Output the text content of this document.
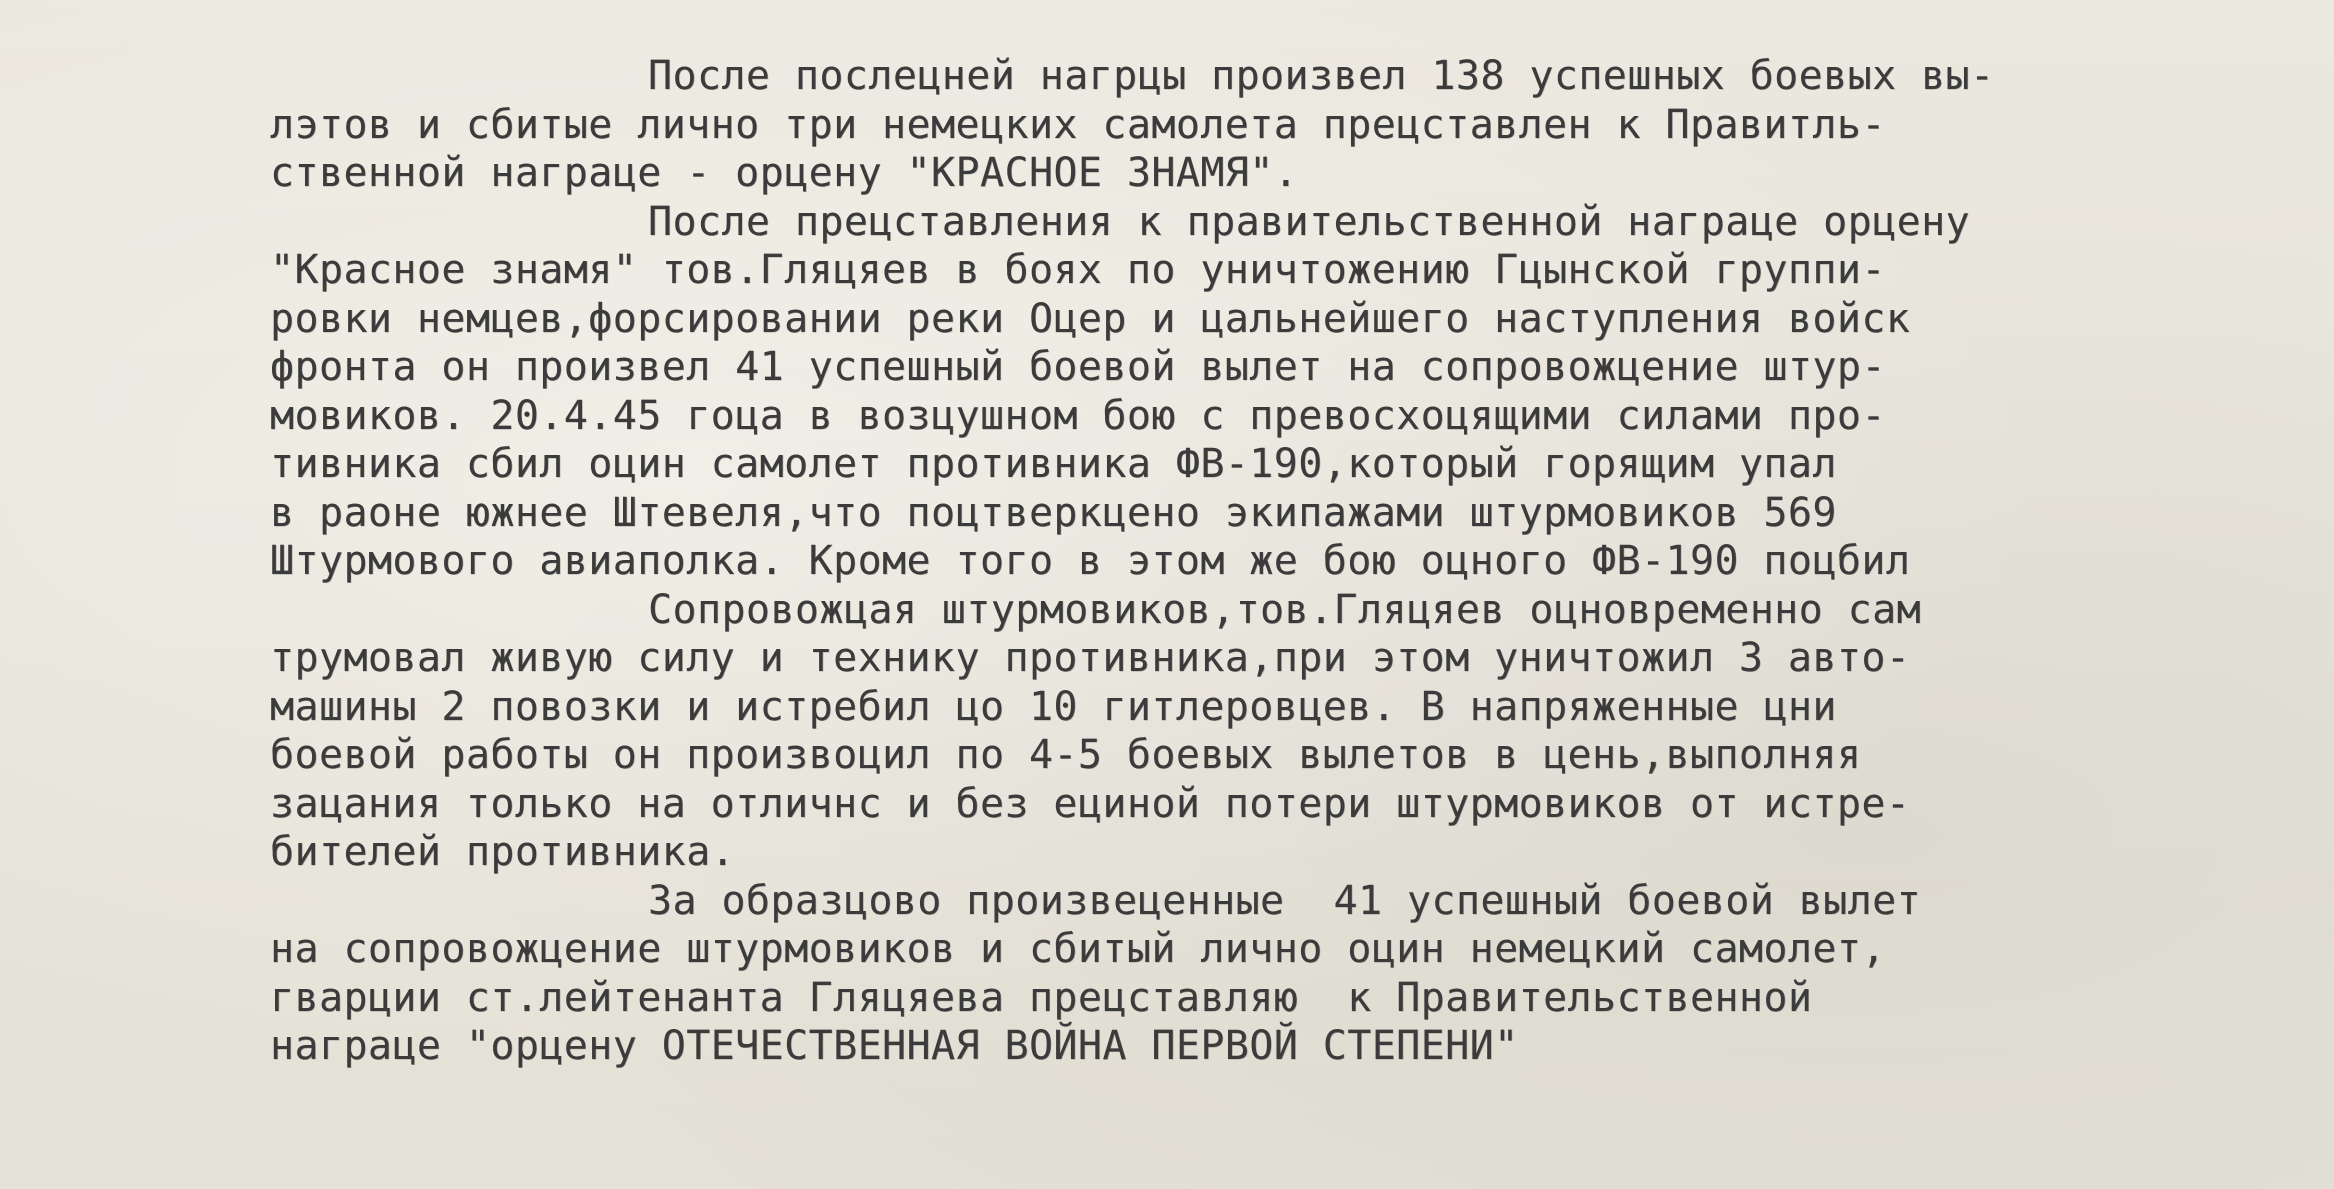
После послецней нагрцы произвел 138 успешных боевых вы-
лэтов и сбитые лично три немецких самолета прецставлен к Правитль-
ственной награце - орцену "КРАСНОЕ ЗНАМЯ".
После прецставления к правительственной награце орцену
"Красное знамя" тов.Гляцяев в боях по уничтожению Гцынской группи-
ровки немцев,форсировании реки Оцер и цальнейшего наступления войск
фронта он произвел 41 успешный боевой вылет на сопровожцение штур-
мовиков. 20.4.45 гоца в возцушном бою с превосхоцящими силами про-
тивника сбил оцин самолет противника ФВ-190,который горящим упал
в раоне южнее Штевеля,что поцтверкцено экипажами штурмовиков 569
Штурмового авиаполка. Кроме того в этом же бою оцного ФВ-190 поцбил
Сопровожцая штурмовиков,тов.Гляцяев оцновременно сам
трумовал живую силу и технику противника,при этом уничтожил 3 авто-
машины 2 повозки и истребил цо 10 гитлеровцев. В напряженные цни
боевой работы он произвоцил по 4-5 боевых вылетов в цень,выполняя
зацания только на отличнс и без ециной потери штурмовиков от истре-
бителей противника.
За образцово произвеценные  41 успешный боевой вылет
на сопровожцение штурмовиков и сбитый лично оцин немецкий самолет,
гварции ст.лейтенанта Гляцяева прецставляю  к Правительственной
награце "орцену ОТЕЧЕСТВЕННАЯ ВОЙНА ПЕРВОЙ СТЕПЕНИ"
